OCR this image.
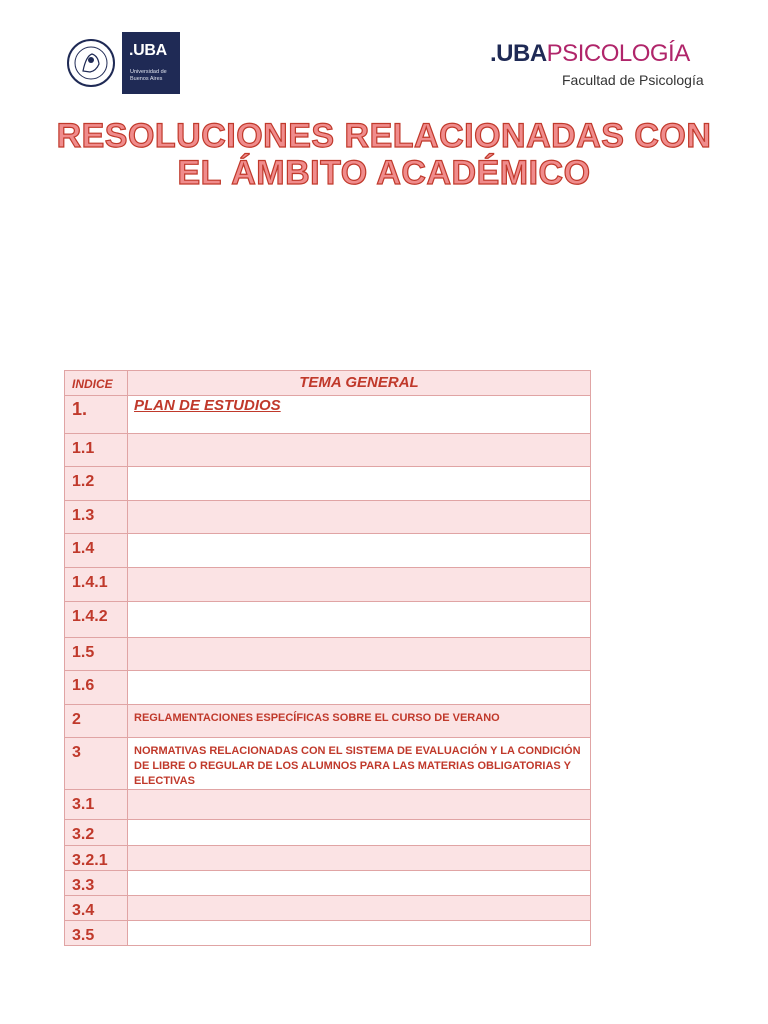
.UBA
Universidad de Buenos Aires
.UBAPSICOLOGÍA
Facultad de Psicología
RESOLUCIONES RELACIONADAS CON
EL ÁMBITO ACADÉMICO
INDICE	TEMA GENERAL

1.	PLAN DE ESTUDIOS

1.1	

1.2	

1.3	

1.4	

1.4.1	

1.4.2	

1.5	

1.6	

2	REGLAMENTACIONES ESPECÍFICAS SOBRE EL CURSO DE VERANO

3	NORMATIVAS RELACIONADAS CON EL SISTEMA DE EVALUACIÓN Y LA CONDICIÓN DE LIBRE O REGULAR DE LOS ALUMNOS PARA LAS MATERIAS OBLIGATORIAS Y ELECTIVAS

3.1	

3.2	

3.2.1	

3.3	

3.4	

3.5	
